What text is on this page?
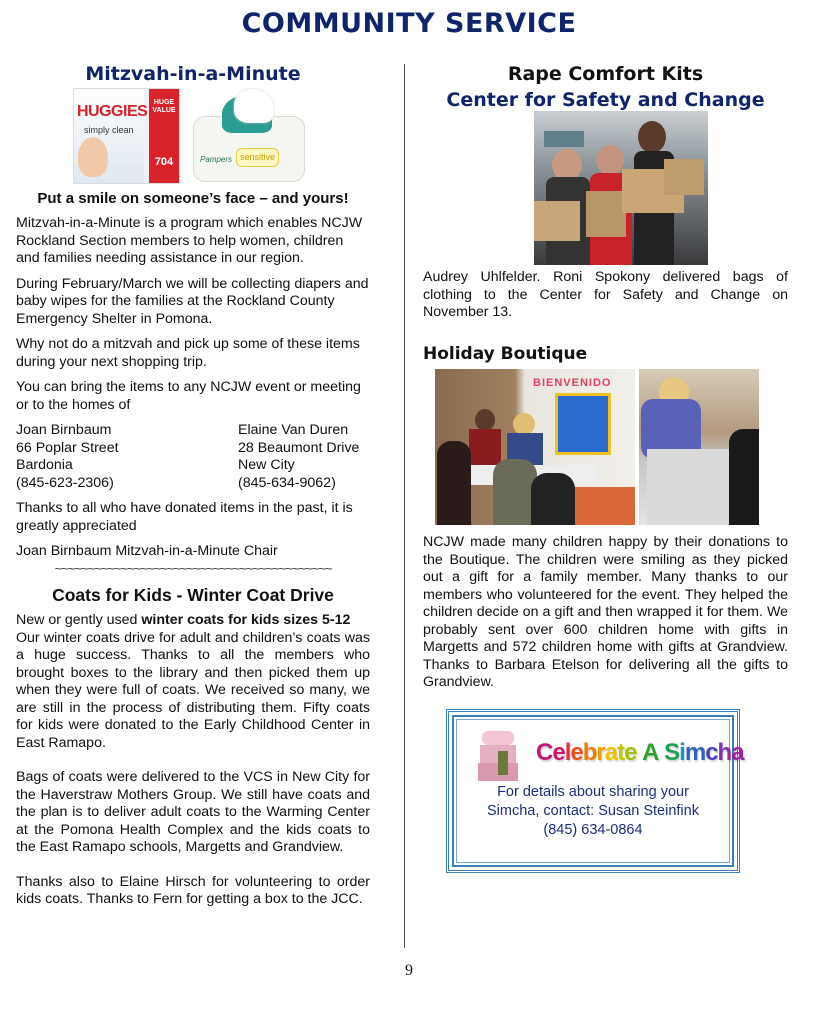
COMMUNITY SERVICE
Mitzvah-in-a-Minute
HUGGIES
simply clean
HUGE VALUE
704	Pampers sensitive
Put a smile on someone’s face – and yours!

Mitzvah-in-a-Minute is a program which enables NCJW Rockland Section members to help women, children and families needing assistance in our region.

During February/March we will be collecting diapers and baby wipes for the families at the Rockland County Emergency Shelter in Pomona.

Why not do a mitzvah and pick up some of these items during your next shopping trip.

You can bring the items to any NCJW event or meeting or to the homes of

Joan Birnbaum
66 Poplar Street
Bardonia
(845-623-2306)
Elaine Van Duren
28 Beaumont Drive
New City
(845-634-9062)

Thanks to all who have donated items in the past, it is greatly appreciated

Joan Birnbaum Mitzvah-in-a-Minute Chair

~~~~~~~~~~~~~~~~~~~~~~~~~~~~~~~~~~~~~~~~~~
Coats for Kids - Winter Coat Drive
New or gently used winter coats for kids sizes 5-12

Our winter coats drive for adult and children’s coats was a huge success. Thanks to all the members who brought boxes to the library and then picked them up when they were full of coats. We received so many, we are still in the process of distributing them. Fifty coats for kids were donated to the Early Childhood Center in East Ramapo.

Bags of coats were delivered to the VCS in New City for the Haverstraw Mothers Group. We still have coats and the plan is to deliver adult coats to the Warming Center at the Pomona Health Complex and the kids coats to the East Ramapo schools, Margetts and Grandview.

Thanks also to Elaine Hirsch for volunteering to order kids coats. Thanks to Fern for getting a box to the JCC.

Rape Comfort Kits
Center for Safety and Change

Audrey Uhlfelder. Roni Spokony delivered bags of clothing to the Center for Safety and Change on November 13.

Holiday Boutique
BIENVENIDO

NCJW made many children happy by their donations to the Boutique. The children were smiling as they picked out a gift for a family member. Many thanks to our members who volunteered for the event. They helped the children decide on a gift and then wrapped it for them. We probably sent over 600 children home with gifts in Margetts and 572 children home with gifts at Grandview. Thanks to Barbara Etelson for delivering all the gifts to Grandview.

Celebrate A Simcha
For details about sharing your
Simcha, contact: Susan Steinfink
(845) 634-0864
9
